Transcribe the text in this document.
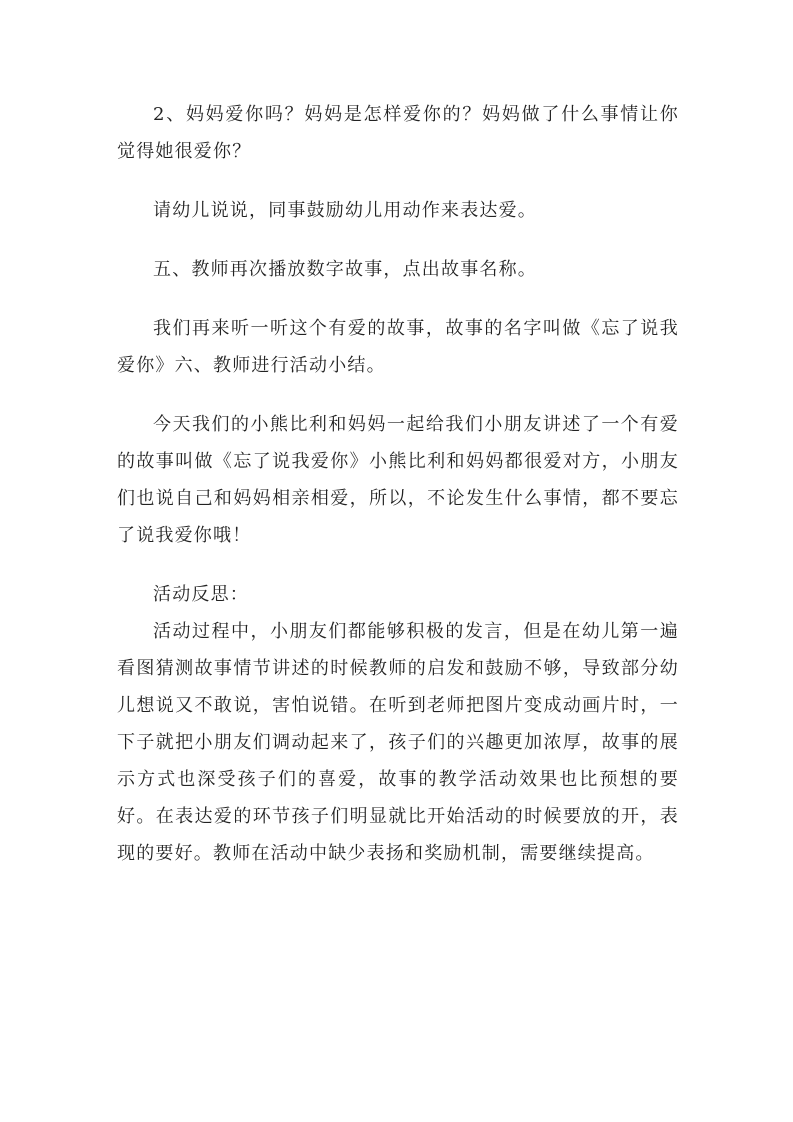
2、妈妈爱你吗？妈妈是怎样爱你的？妈妈做了什么事情让你觉得她很爱你？

请幼儿说说，同事鼓励幼儿用动作来表达爱。

五、教师再次播放数字故事，点出故事名称。

我们再来听一听这个有爱的故事，故事的名字叫做《忘了说我爱你》六、教师进行活动小结。

今天我们的小熊比利和妈妈一起给我们小朋友讲述了一个有爱的故事叫做《忘了说我爱你》小熊比利和妈妈都很爱对方，小朋友们也说自己和妈妈相亲相爱，所以，不论发生什么事情，都不要忘了说我爱你哦！

活动反思：

活动过程中，小朋友们都能够积极的发言，但是在幼儿第一遍看图猜测故事情节讲述的时候教师的启发和鼓励不够，导致部分幼儿想说又不敢说，害怕说错。在听到老师把图片变成动画片时，一下子就把小朋友们调动起来了，孩子们的兴趣更加浓厚，故事的展示方式也深受孩子们的喜爱，故事的教学活动效果也比预想的要好。在表达爱的环节孩子们明显就比开始活动的时候要放的开，表现的要好。教师在活动中缺少表扬和奖励机制，需要继续提高。
